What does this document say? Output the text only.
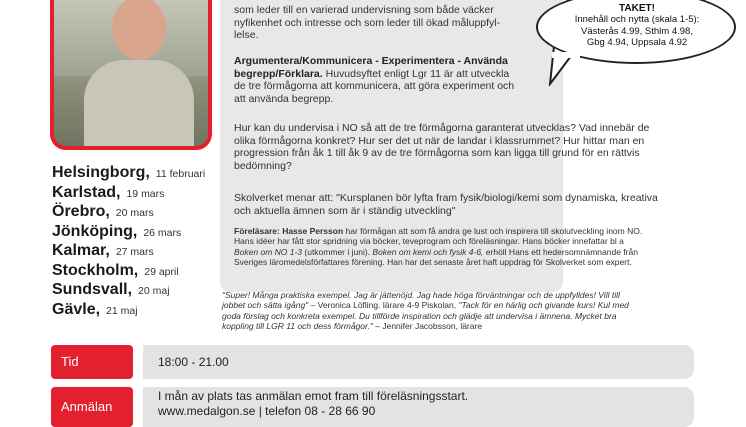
TAKET!
Innehåll och nytta (skala 1-5):
Västerås 4.99, Sthlm 4.98,
Gbg 4.94, Uppsala 4.92
Helsingborg, 11 februari
Karlstad, 19 mars
Örebro, 20 mars
Jönköping, 26 mars
Kalmar, 27 mars
Stockholm, 29 april
Sundsvall, 20 maj
Gävle, 21 maj
som leder till en varierad undervisning som både väcker
nyfikenhet och intresse och som leder till ökad måluppfyl-
lelse.
Argumentera/Kommunicera - Experimentera - Använda
begrepp/Förklara. Huvudsyftet enligt Lgr 11 är att utveckla
de tre förmågorna att kommunicera, att göra experiment och
att använda begrepp.
Hur kan du undervisa i NO så att de tre förmågorna garanterat utvecklas? Vad innebär de
olika förmågorna konkret? Hur ser det ut när de landar i klassrummet? Hur hittar man en
progression från åk 1 till åk 9 av de tre förmågorna som kan ligga till grund för en rättvis
bedömning?
Skolverket menar att: "Kursplanen bör lyfta fram fysik/biologi/kemi som dynamiska, kreativa
och aktuella ämnen som är i ständig utveckling"
Föreläsare: Hasse Persson har förmågan att som få andra ge lust och inspirera till skolutveckling inom NO.
Hans idéer har fått stor spridning via böcker, teveprogram och föreläsningar. Hans böcker innefattar bl a
Boken om NO 1-3 (utkommer i juni). Boken om kemi och fysik 4-6, erhöll Hans ett hedersomnämnande från
Sveriges läromedelsförfattares förening. Han har det senaste året haft uppdrag för Skolverket som expert.
"Super! Många praktiska exempel. Jag är jättenöjd. Jag hade höga förväntningar och de uppfylldes! Vill till
jobbet och sätta igång" – Veronica Löfling. lärare 4-9 Piskolan, "Tack för en härlig och givande kurs! Kul med
goda förslag och konkreta exempel. Du tillförde inspiration och glädje att undervisa i ämnena. Mycket bra
koppling till LGR 11 och dess förmågor." – Jennifer Jacobsson, lärare
Tid	18:00 - 21.00
Anmälan
I mån av plats tas anmälan emot fram till föreläsningsstart.
www.medalgon.se | telefon 08 - 28 66 90
